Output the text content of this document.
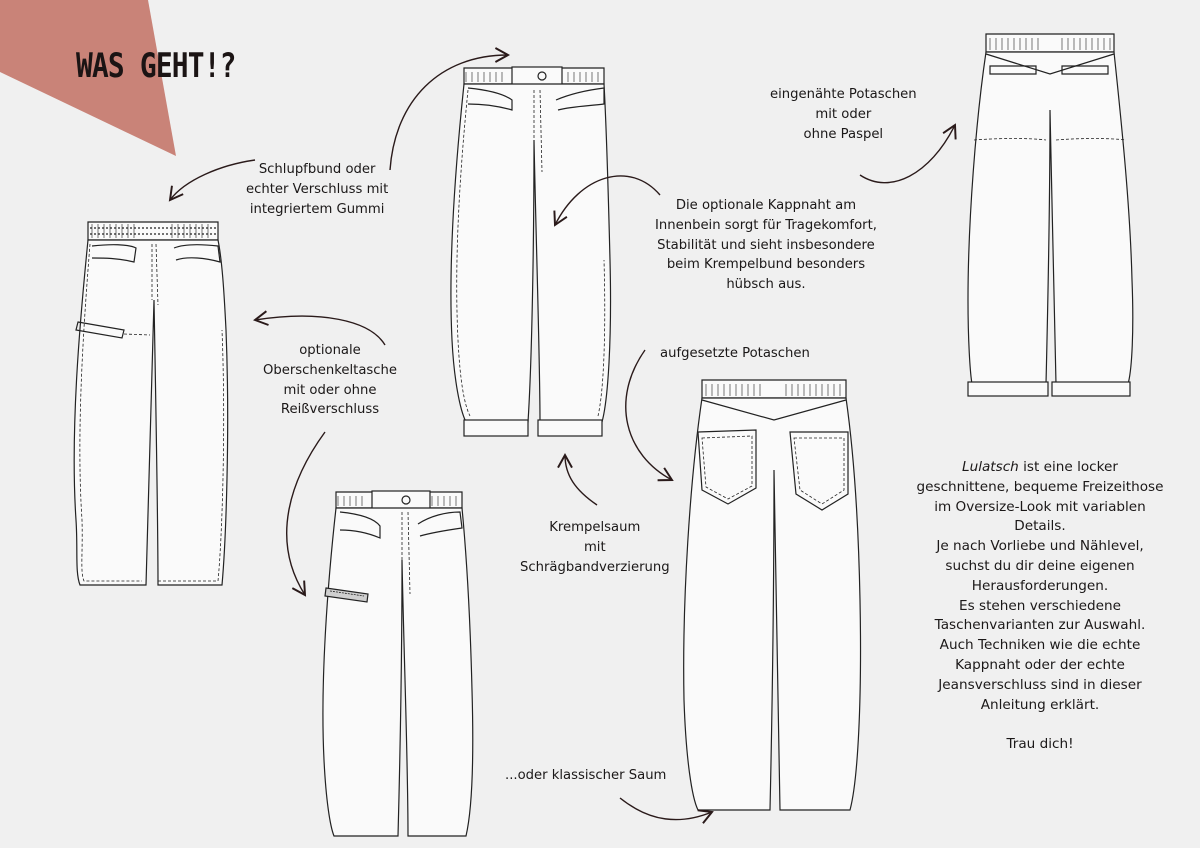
WAS GEHT!?
Schlupfbund oder
echter Verschluss mit
integriertem Gummi
optionale
Oberschenkeltasche
mit oder ohne
Reißverschluss
Die optionale Kappnaht am
Innenbein sorgt für Tragekomfort,
Stabilität und sieht insbesondere
beim Krempelbund besonders
hübsch aus.
eingenähte Potaschen
mit oder
ohne Paspel
aufgesetzte Potaschen
Krempelsaum
mit
Schrägbandverzierung
...oder klassischer Saum
Lulatsch ist eine locker
geschnittene, bequeme Freizeithose
im Oversize-Look mit variablen
Details.
Je nach Vorliebe und Nählevel,
suchst du dir deine eigenen
Herausforderungen.
Es stehen verschiedene
Taschenvarianten zur Auswahl.
Auch Techniken wie die echte
Kappnaht oder der echte
Jeansverschluss sind in dieser
Anleitung erklärt.
Trau dich!
